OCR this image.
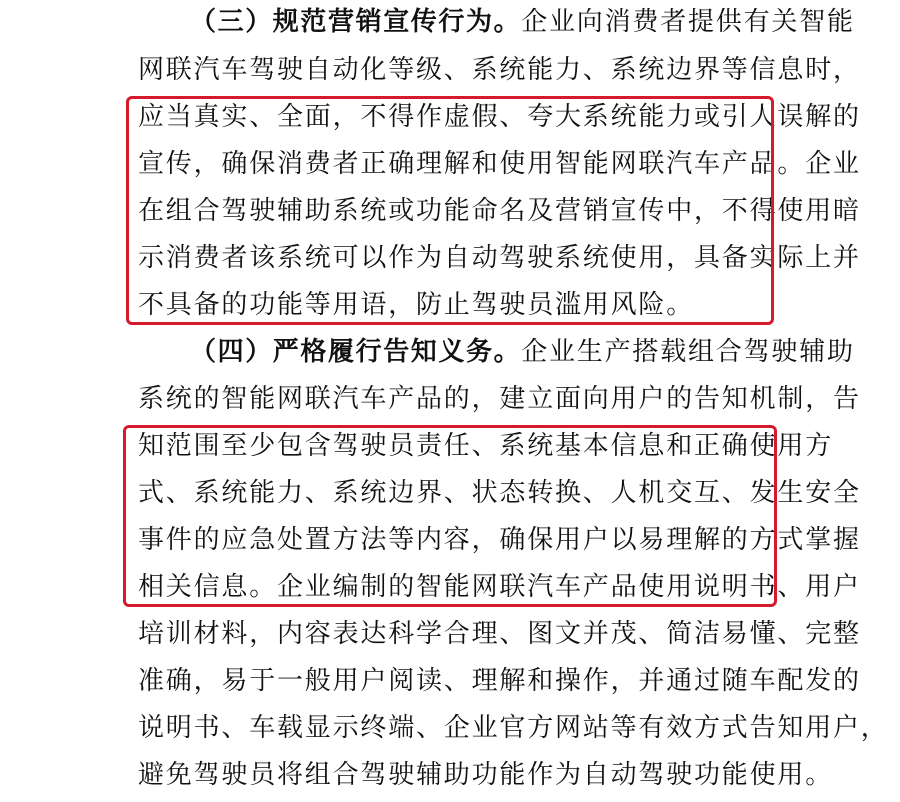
（三）规范营销宣传行为。企业向消费者提供有关智能
网联汽车驾驶自动化等级、系统能力、系统边界等信息时，
应当真实、全面，不得作虚假、夸大系统能力或引人误解的
宣传，确保消费者正确理解和使用智能网联汽车产品。企业
在组合驾驶辅助系统或功能命名及营销宣传中，不得使用暗
示消费者该系统可以作为自动驾驶系统使用，具备实际上并
不具备的功能等用语，防止驾驶员滥用风险。
（四）严格履行告知义务。企业生产搭载组合驾驶辅助
系统的智能网联汽车产品的，建立面向用户的告知机制，告
知范围至少包含驾驶员责任、系统基本信息和正确使用方
式、系统能力、系统边界、状态转换、人机交互、发生安全
事件的应急处置方法等内容，确保用户以易理解的方式掌握
相关信息。企业编制的智能网联汽车产品使用说明书、用户
培训材料，内容表达科学合理、图文并茂、简洁易懂、完整
准确，易于一般用户阅读、理解和操作，并通过随车配发的
说明书、车载显示终端、企业官方网站等有效方式告知用户，
避免驾驶员将组合驾驶辅助功能作为自动驾驶功能使用。
